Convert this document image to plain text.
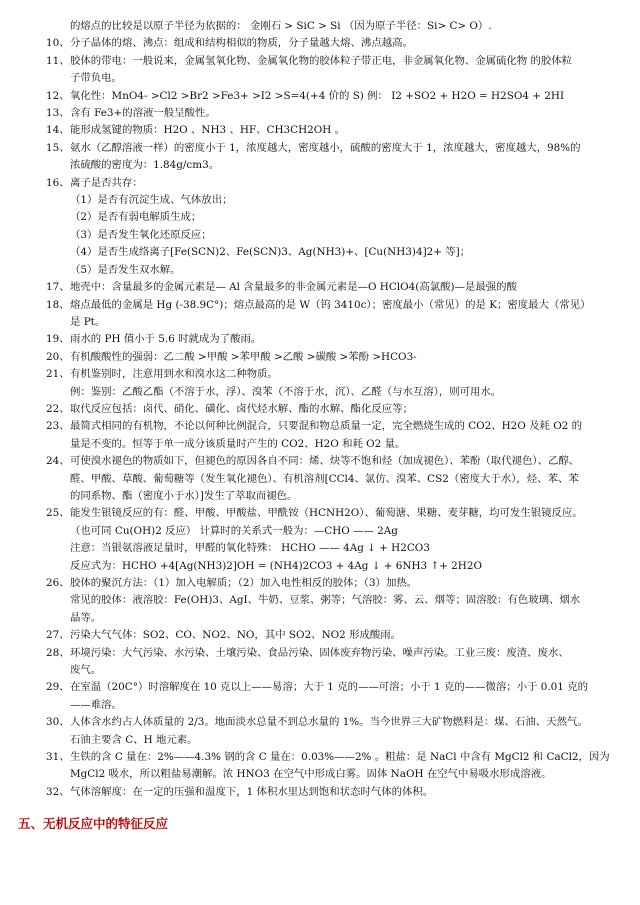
的熔点的比较是以原子半径为依据的： 金刚石 > SiC > Si （因为原子半径：Si> C> O）.
10、 分子晶体的熔、沸点：组成和结构相似的物质，分子量越大熔、沸点越高。
11、 胶体的带电：一般说来，金属氢氧化物、金属氧化物的胶体粒子带正电，非金属氧化物、金属硫化物 的胶体粒
子带负电。
12、 氧化性：MnO4- >Cl2 >Br2 >Fe3+ >I2 >S=4(+4 价的 S) 例： I2 +SO2 + H2O = H2SO4 + 2HI
13、 含有 Fe3+的溶液一般呈酸性。
14、 能形成氢键的物质：H2O 、NH3 、HF、CH3CH2OH 。
15、 氨水（乙醇溶液一样）的密度小于 1，浓度越大，密度越小，硫酸的密度大于 1，浓度越大，密度越大，98%的
浓硫酸的密度为：1.84g/cm3。
16、 离子是否共存：
（1）是否有沉淀生成、气体放出；
（2）是否有弱电解质生成；
（3）是否发生氧化还原反应；
（4）是否生成络离子[Fe(SCN)2、Fe(SCN)3、Ag(NH3)+、[Cu(NH3)4]2+ 等]；
（5）是否发生双水解。
17、 地壳中：含量最多的金属元素是— Al 含量最多的非金属元素是—O HClO4(高氯酸)—是最强的酸
18、 熔点最低的金属是 Hg (-38.9C°)；熔点最高的是 W（钨 3410c）；密度最小（常见）的是 K；密度最大（常见）
是 Pt。
19、 雨水的 PH 值小于 5.6 时就成为了酸雨。
20、 有机酸酸性的强弱：乙二酸 >甲酸 >苯甲酸 >乙酸 >碳酸 >苯酚 >HCO3-
21、 有机鉴别时，注意用到水和溴水这二种物质。
例：鉴别：乙酸乙酯（不溶于水，浮）、溴苯（不溶于水，沉）、乙醛（与水互溶），则可用水。
22、 取代反应包括：卤代、硝化、磺化、卤代烃水解、酯的水解、酯化反应等；
23、 最简式相同的有机物，不论以何种比例混合，只要混和物总质量一定，完全燃烧生成的 CO2、H2O 及耗 O2 的
量是不变的。恒等于单一成分该质量时产生的 CO2、H2O 和耗 O2 量。
24、 可使溴水褪色的物质如下，但褪色的原因各自不同：烯、炔等不饱和烃（加成褪色）、苯酚（取代褪色）、乙醇、
醛、甲酸、草酸、葡萄糖等（发生氧化褪色）、有机溶剂[CCl4、氯仿、溴苯、CS2（密度大于水），烃、苯、苯
的同系物、酯（密度小于水）]发生了萃取而褪色。
25、 能发生银镜反应的有：醛、甲酸、甲酸盐、甲酰铵（HCNH2O）、葡萄溏、果糖、麦芽糖，均可发生银镜反应。
（也可同 Cu(OH)2 反应） 计算时的关系式一般为：—CHO —— 2Ag
注意：当银氨溶液足量时，甲醛的氧化特殊： HCHO —— 4Ag ↓ + H2CO3
反应式为：HCHO +4[Ag(NH3)2]OH = (NH4)2CO3 + 4Ag ↓ + 6NH3 ↑+ 2H2O
26、 胶体的聚沉方法：（1）加入电解质；（2）加入电性相反的胶体；（3）加热。
常见的胶体：液溶胶：Fe(OH)3、AgI、牛奶、豆浆、粥等；气溶胶：雾、云、烟等；固溶胶：有色玻璃、烟水
晶等。
27、 污染大气气体：SO2、CO、NO2、NO，其中 SO2、NO2 形成酸雨。
28、 环境污染：大气污染、水污染、土壤污染、食品污染、固体废弃物污染、噪声污染。工业三废：废渣、废水、
废气。
29、 在室温（20C°）时溶解度在 10 克以上——易溶；大于 1 克的——可溶；小于 1 克的——微溶；小于 0.01 克的
——难溶。
30、 人体含水约占人体质量的 2/3。地面淡水总量不到总水量的 1%。当今世界三大矿物燃料是：煤、石油、天然气。
石油主要含 C、H 地元素。
31、 生铁的含 C 量在：2%——4.3% 钢的含 C 量在：0.03%——2% 。粗盐：是 NaCl 中含有 MgCl2 和 CaCl2，因为
MgCl2 吸水，所以粗盐易潮解。浓 HNO3 在空气中形成白雾。固体 NaOH 在空气中易吸水形成溶液。
32、 气体溶解度：在一定的压强和温度下，1 体积水里达到饱和状态时气体的体积。
五、无机反应中的特征反应
